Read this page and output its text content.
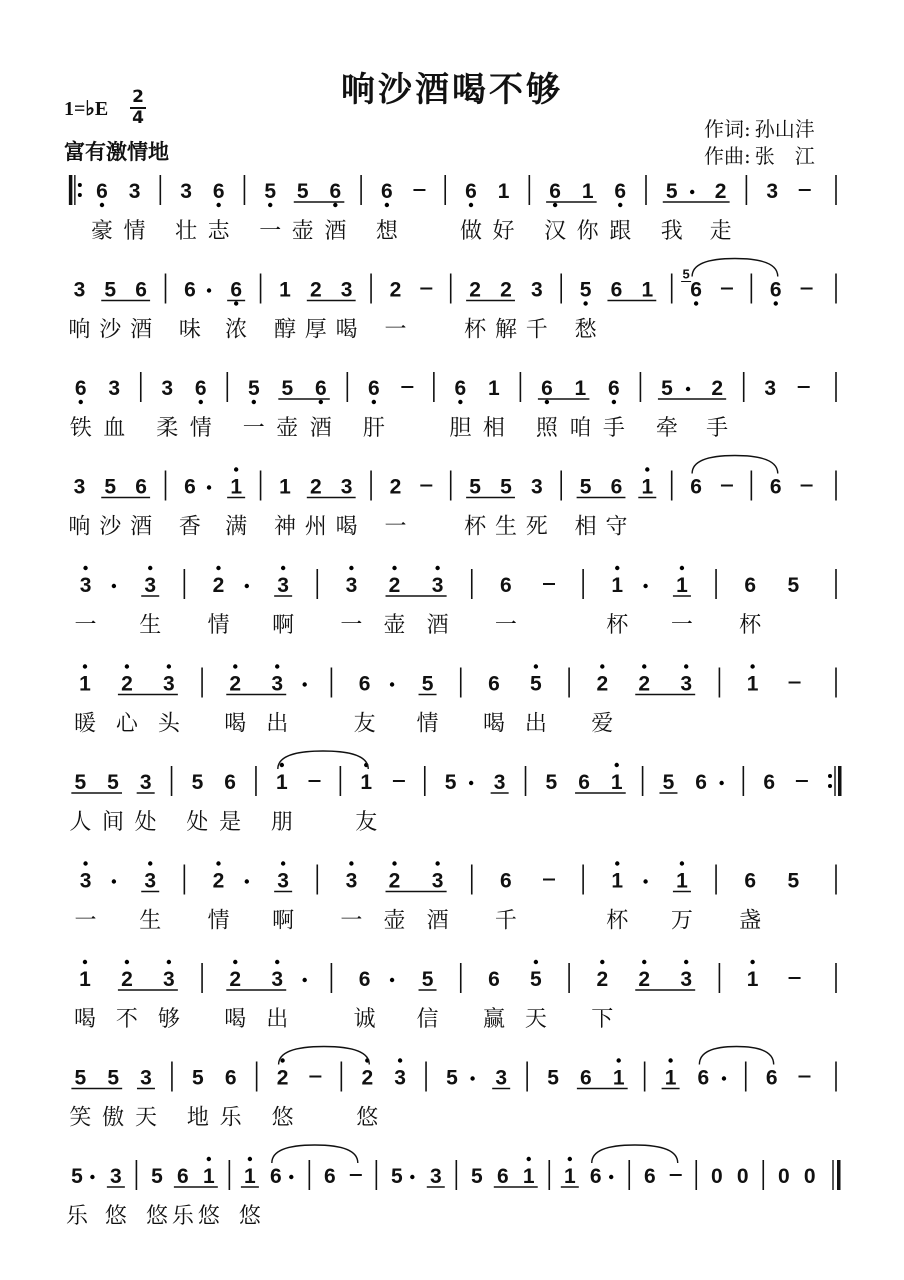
响沙酒喝不够
1=♭E
2
4
富有激情地
作词: 孙山沣
作曲: 张　江
6 3 3 6 5 5 6 6	6 1 6 1 6 5 2 3
豪 情 壮 志 一 壶 酒 想	做 好 汉 你 跟 我 走
3 5 6 6 6 1 2 3 2	2 2 3 5 6 1 6	6
5
响 沙 酒 味 浓 醇 厚 喝 一	杯 解 千 愁
6 3 3 6 5 5 6 6	6 1 6 1 6 5 2 3
铁 血 柔 情 一 壶 酒 肝	胆 相 照 咱 手 牵 手
3 5 6 6 1 1 2 3 2	5 5 3 5 6 1 6	6
响 沙 酒 香 满 神 州 喝 一	杯 生 死 相 守
3	3	2	3	3 2 3	6	1	1	6 5
一 生 情 啊 一 壶 酒 一	杯 一 杯
1 2 3	2 3	6 5	6 5	2 2 3	1
暖 心 头 喝 出	友 情 喝 出 爱
5 5 3 5 6 1	1	5 3 5 6 1 5 6	6
人 间 处 处 是 朋	友
3	3	2	3	3 2 3	6	1	1	6 5
一 生 情 啊 一 壶 酒 千	杯 万 盏
1 2 3	2 3	6 5	6 5	2 2 3	1
喝 不 够 喝 出	诚 信 赢 天 下
5 5 3 5 6 2	2 3 5 3 5 6 1 1 6	6
笑 傲 天 地 乐 悠	悠
5 3 5 6 1 1 6 6	5 3 5 6 1 1 6 6	0 0 0 0
乐 悠 悠 乐 悠 悠
